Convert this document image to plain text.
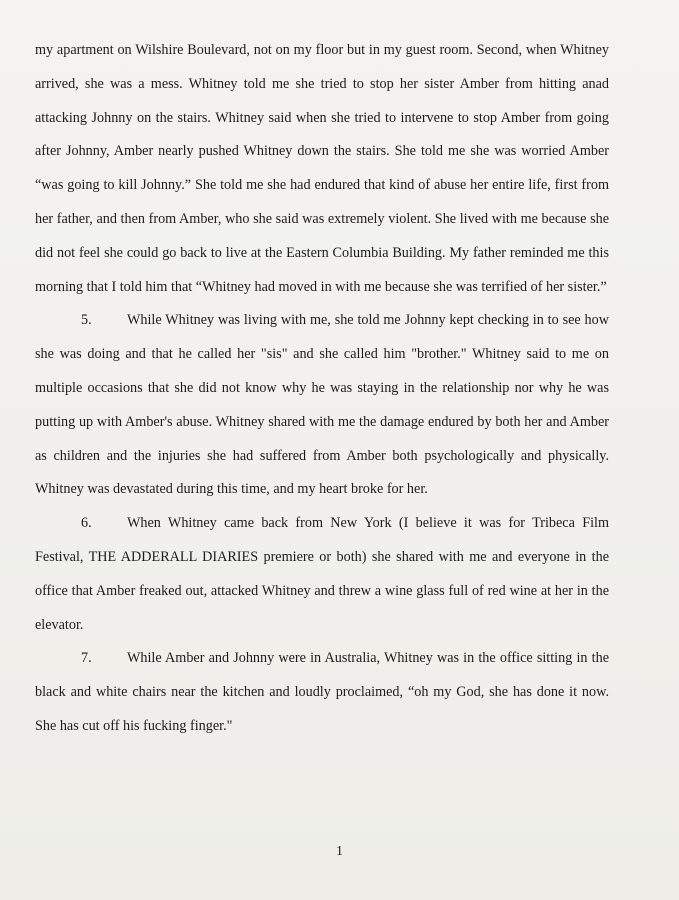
my apartment on Wilshire Boulevard, not on my floor but in my guest room. Second, when Whitney arrived, she was a mess. Whitney told me she tried to stop her sister Amber from hitting anad attacking Johnny on the stairs. Whitney said when she tried to intervene to stop Amber from going after Johnny, Amber nearly pushed Whitney down the stairs. She told me she was worried Amber “was going to kill Johnny.” She told me she had endured that kind of abuse her entire life, first from her father, and then from Amber, who she said was extremely violent. She lived with me because she did not feel she could go back to live at the Eastern Columbia Building. My father reminded me this morning that I told him that “Whitney had moved in with me because she was terrified of her sister.”

5. While Whitney was living with me, she told me Johnny kept checking in to see how she was doing and that he called her "sis" and she called him "brother." Whitney said to me on multiple occasions that she did not know why he was staying in the relationship nor why he was putting up with Amber's abuse. Whitney shared with me the damage endured by both her and Amber as children and the injuries she had suffered from Amber both psychologically and physically. Whitney was devastated during this time, and my heart broke for her.

6. When Whitney came back from New York (I believe it was for Tribeca Film Festival, THE ADDERALL DIARIES premiere or both) she shared with me and everyone in the office that Amber freaked out, attacked Whitney and threw a wine glass full of red wine at her in the elevator.

7. While Amber and Johnny were in Australia, Whitney was in the office sitting in the black and white chairs near the kitchen and loudly proclaimed, “oh my God, she has done it now. She has cut off his fucking finger."

1
